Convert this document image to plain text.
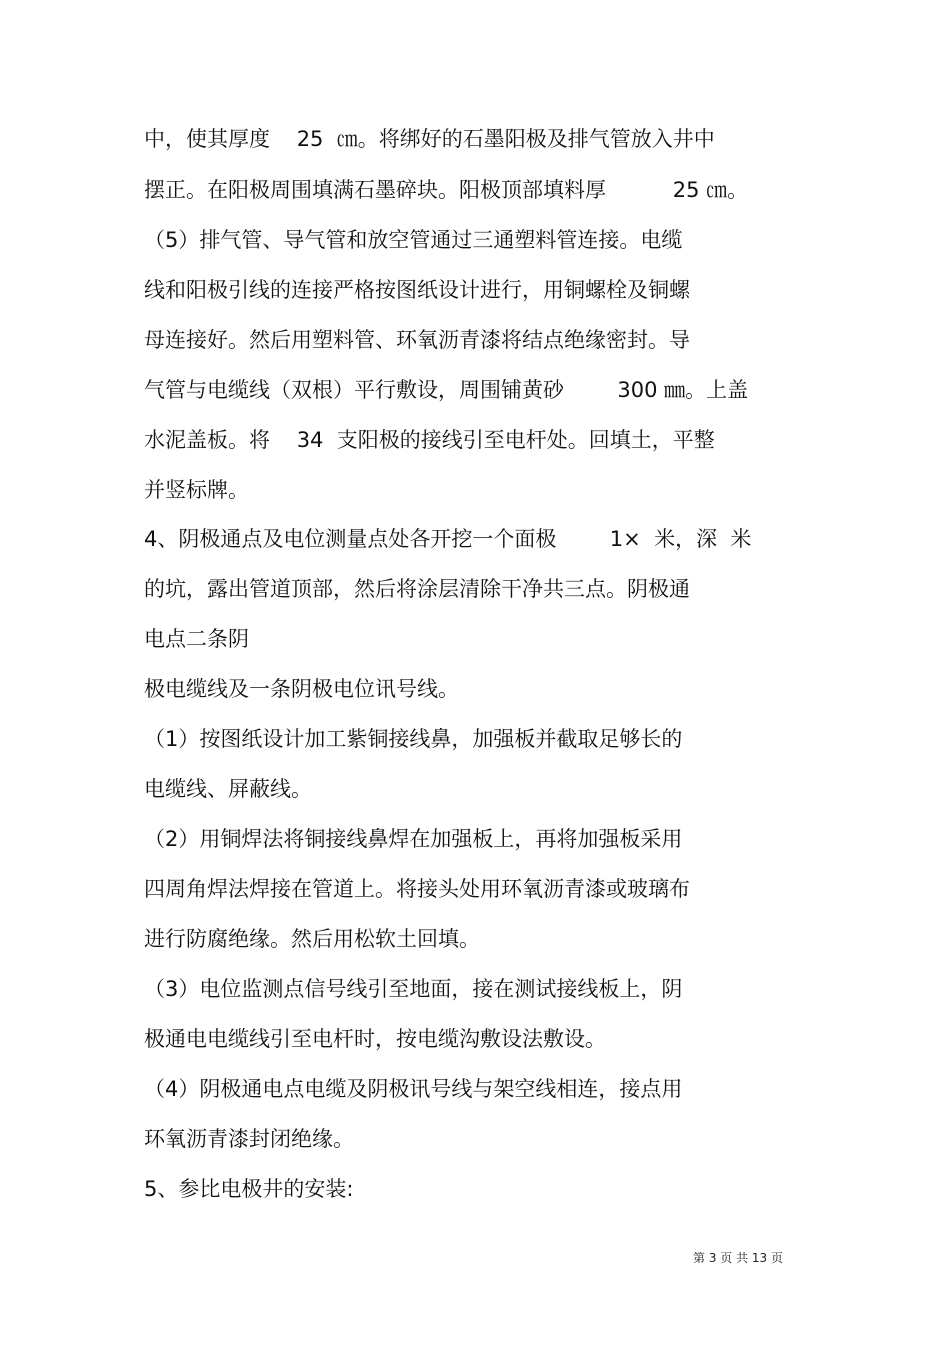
中，使其厚度    25  ㎝。将绑好的石墨阳极及排气管放入井中
摆正。在阳极周围填满石墨碎块。阳极顶部填料厚          25 ㎝。
（5）排气管、导气管和放空管通过三通塑料管连接。电缆
线和阳极引线的连接严格按图纸设计进行，用铜螺栓及铜螺
母连接好。然后用塑料管、环氧沥青漆将结点绝缘密封。导
气管与电缆线（双根）平行敷设，周围铺黄砂        300 ㎜。上盖
水泥盖板。将    34  支阳极的接线引至电杆处。回填土，平整
并竖标牌。
4、阴极通点及电位测量点处各开挖一个面极        1×  米，深  米
的坑，露出管道顶部，然后将涂层清除干净共三点。阴极通
电点二条阴
极电缆线及一条阴极电位讯号线。
（1）按图纸设计加工紫铜接线鼻，加强板并截取足够长的
电缆线、屏蔽线。
（2）用铜焊法将铜接线鼻焊在加强板上，再将加强板采用
四周角焊法焊接在管道上。将接头处用环氧沥青漆或玻璃布
进行防腐绝缘。然后用松软土回填。
（3）电位监测点信号线引至地面，接在测试接线板上，阴
极通电电缆线引至电杆时，按电缆沟敷设法敷设。
（4）阴极通电点电缆及阴极讯号线与架空线相连，接点用
环氧沥青漆封闭绝缘。
5、参比电极井的安装:
第 3 页 共 13 页
